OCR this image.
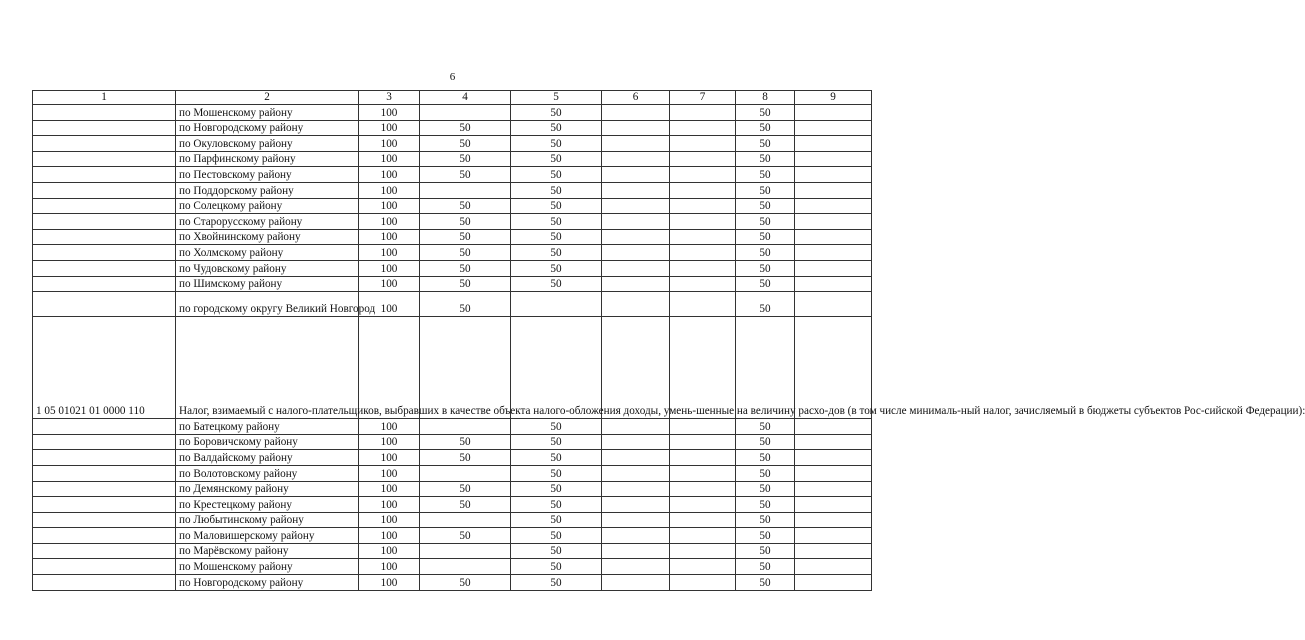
6
1	2	3	4	5	6	7	8	9
	по Мошенскому району	100		50			50	
	по Новгородскому району	100	50	50			50	
	по Окуловскому району	100	50	50			50	
	по Парфинскому району	100	50	50			50	
	по Пестовскому району	100	50	50			50	
	по Поддорскому району	100		50			50	
	по Солецкому району	100	50	50			50	
	по Старорусскому району	100	50	50			50	
	по Хвойнинскому району	100	50	50			50	
	по Холмскому району	100	50	50			50	
	по Чудовскому району	100	50	50			50	
	по Шимскому району	100	50	50			50	
	по городскому округу Великий Новгород	100	50				50	
1 05 01021 01 0000 110	Налог, взимаемый с налого-плательщиков, выбравших в качестве объекта налого-обложения доходы, умень-шенные на величину расхо-дов (в том числе минималь-ный налог, зачисляемый в бюджеты субъектов Рос-сийской Федерации):							
	по Батецкому району	100		50			50	
	по Боровичскому району	100	50	50			50	
	по Валдайскому району	100	50	50			50	
	по Волотовскому району	100		50			50	
	по Демянскому району	100	50	50			50	
	по Крестецкому району	100	50	50			50	
	по Любытинскому району	100		50			50	
	по Маловишерскому району	100	50	50			50	
	по Марёвскому району	100		50			50	
	по Мошенскому району	100		50			50	
	по Новгородскому району	100	50	50			50	
